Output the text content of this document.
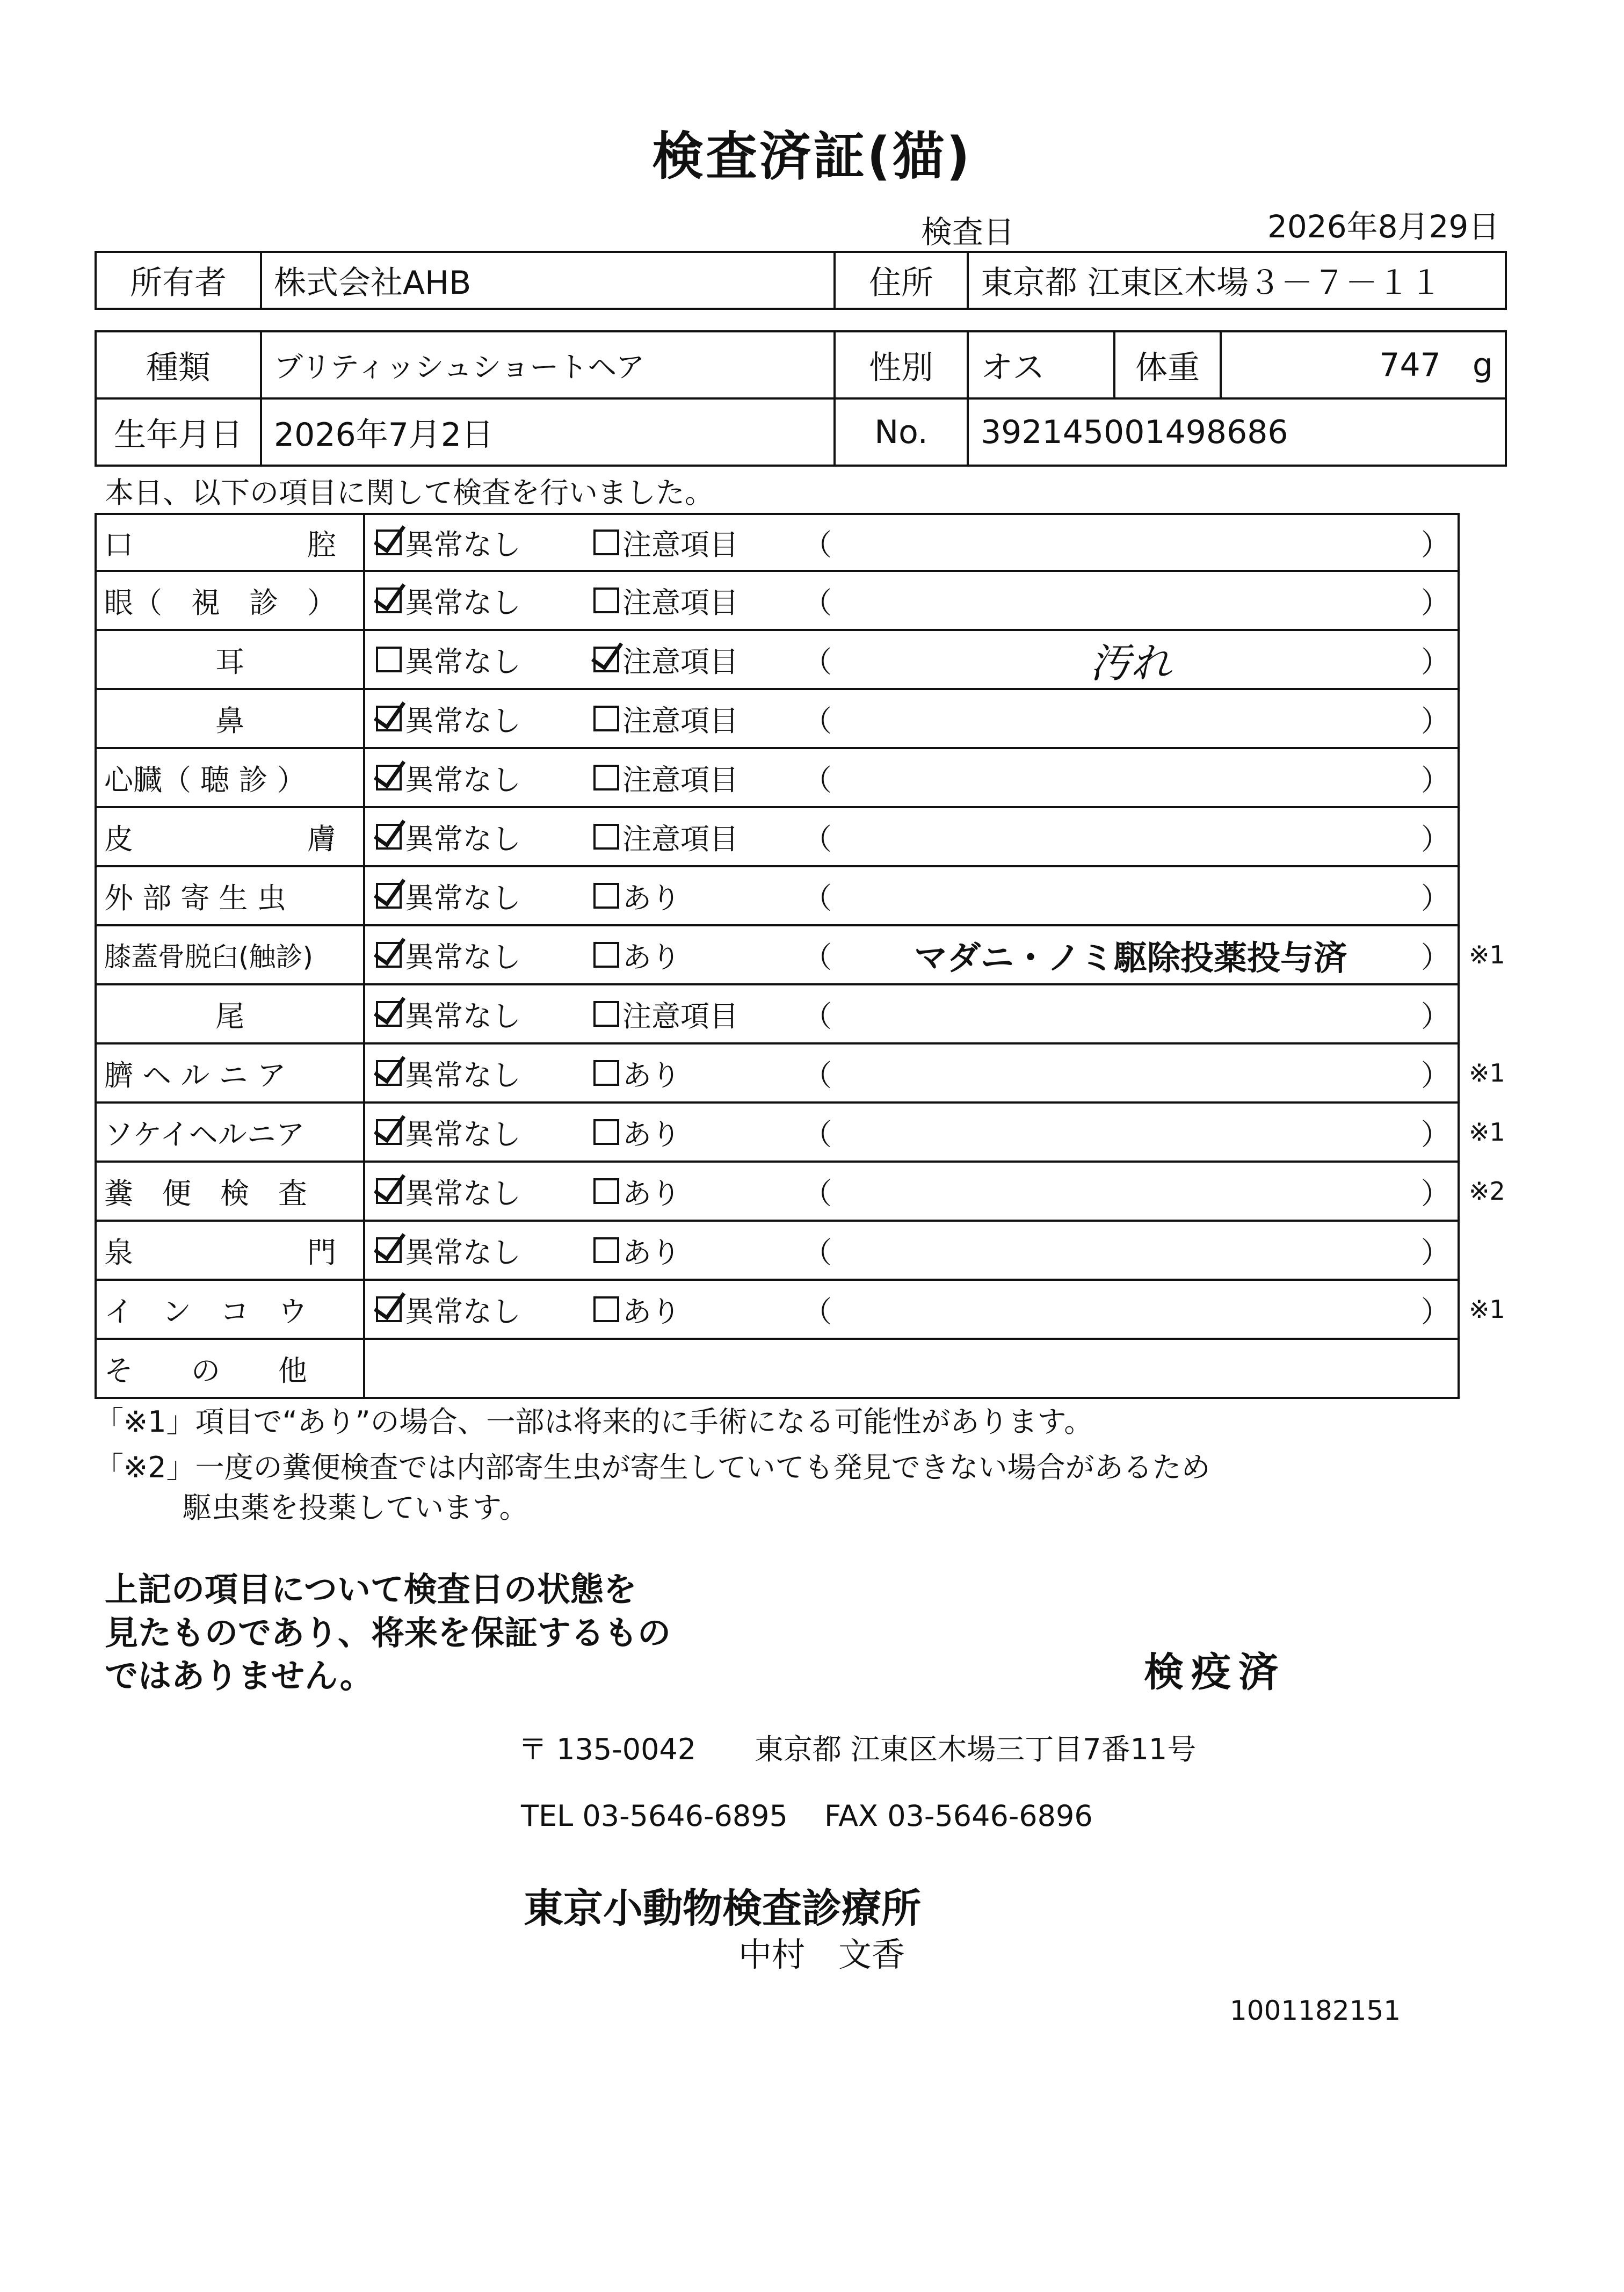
検査済証(猫)
検査日	2026年8月29日
所有者	株式会社AHB	住所	東京都 江東区木場３－７－１１
種類	ブリティッシュショートヘア	性別	オス	体重	747 g
生年月日	2026年7月2日	No.	392145001498686		
本日、以下の項目に関して検査を行いました。
口　　　　　　腔	異常なし	注意項目 （	）
眼（　視　診　）	異常なし	注意項目 （	）
耳	異常なし	注意項目 （	汚れ	）
鼻	異常なし	注意項目 （	）
心臓（ 聴 診 ）	異常なし	注意項目 （	）
皮　　　　　　膚	異常なし	注意項目 （	）
外 部 寄 生 虫	異常なし	あり	（	）
膝蓋骨脱臼(触診)	異常なし	あり	（	マダニ・ノミ駆除投薬投与済	） ※1
尾	異常なし	注意項目 （	）
臍 ヘ ル ニ ア	異常なし	あり	（	） ※1
ソケイヘルニア	異常なし	あり	（	） ※1
糞　便　検　査	異常なし	あり	（	） ※2
泉　　　　　　門	異常なし	あり	（	）
イ　ン　コ　ウ	異常なし	あり	（	） ※1
そ　　の　　他
「※1」項目で“あり”の場合、一部は将来的に手術になる可能性があります。
「※2」一度の糞便検査では内部寄生虫が寄生していても発見できない場合があるため
駆虫薬を投薬しています。
上記の項目について検査日の状態を
見たものであり、将来を保証するもの
ではありません。	検疫済
〒 135-0042 東京都 江東区木場三丁目7番11号
TEL 03-5646-6895 FAX 03-5646-6896
東京小動物検査診療所
中村　文香
1001182151
